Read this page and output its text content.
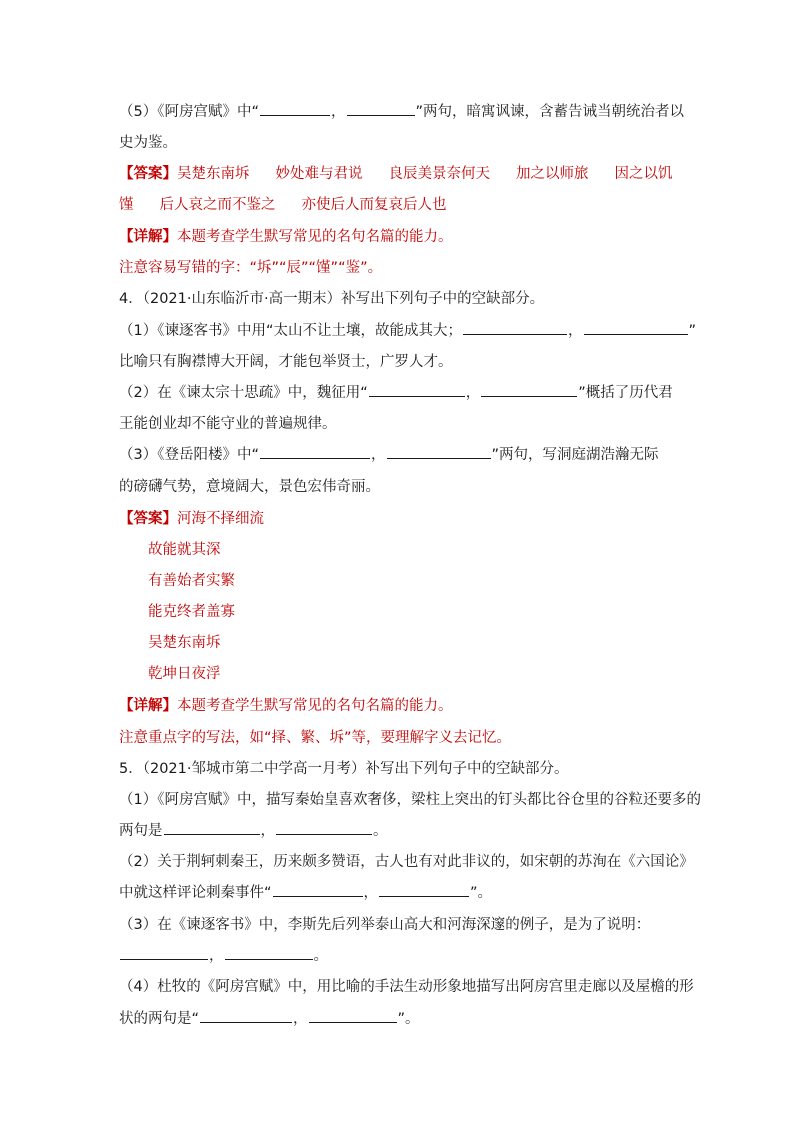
（5）《阿房宫赋》中“	，	”两句，暗寓讽谏，含蓄告诫当朝统治者以
史为鉴。
【答案】吴楚东南坼 妙处难与君说 良辰美景奈何天 加之以师旅 因之以饥
馑 后人哀之而不鉴之 亦使后人而复哀后人也
【详解】本题考查学生默写常见的名句名篇的能力。
注意容易写错的字：“坼”“辰”“馑”“鉴”。
4．（2021·山东临沂市·高一期末）补写出下列句子中的空缺部分。
（1）《谏逐客书》中用“太山不让土壤，故能成其大；	，	”
比喻只有胸襟博大开阔，才能包举贤士，广罗人才。
（2）在《谏太宗十思疏》中，魏征用“	，	”概括了历代君
王能创业却不能守业的普遍规律。
（3）《登岳阳楼》中“	，	”两句，写洞庭湖浩瀚无际
的磅礴气势，意境阔大，景色宏伟奇丽。
【答案】河海不择细流
故能就其深
有善始者实繁
能克终者盖寡
吴楚东南坼
乾坤日夜浮
【详解】本题考查学生默写常见的名句名篇的能力。
注意重点字的写法，如“择、繁、坼”等，要理解字义去记忆。
5．（2021·邹城市第二中学高一月考）补写出下列句子中的空缺部分。
（1）《阿房宫赋》中，描写秦始皇喜欢奢侈，梁柱上突出的钉头都比谷仓里的谷粒还要多的
两句是	，	。
（2）关于荆轲刺秦王，历来颇多赞语，古人也有对此非议的，如宋朝的苏洵在《六国论》
中就这样评论刺秦事件“	，	”。
（3）在《谏逐客书》中，李斯先后列举泰山高大和河海深邃的例子，是为了说明：
，	。
（4）杜牧的《阿房宫赋》中，用比喻的手法生动形象地描写出阿房宫里走廊以及屋檐的形
状的两句是“	，	”。
